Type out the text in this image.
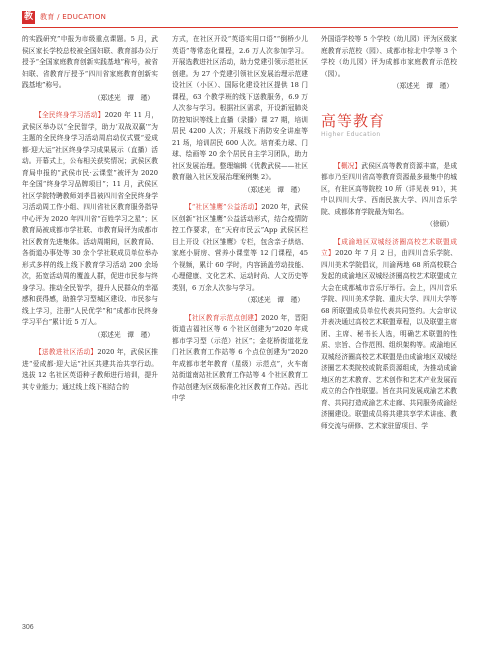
教 教育 / EDUCATION

的实践研究”申报为市级重点课题。5 月，武侯区家长学校总校被全国妇联、教育部办公厅授予“全国家庭教育创新实践基地”称号，被省妇联、省教育厅授予“四川省家庭教育创新实践基地”称号。

（郑述光　谭　瑾）

【全民终身学习活动】2020 年 11 月，武侯区举办以“全民智学，助力‘双战双赢’”为主题的全民终身学习活动周启动仪式暨“爱成都·迎大运”社区终身学习成果展示（直播）活动。开幕式上，公布相关获奖情况；武侯区教育局申报的“武侯市民·云课堂”被评为 2020 年全国“终身学习品牌项目”；11 月，武侯区社区学院特聘教师刘孝昌被四川省全民终身学习活动周工作小组、四川省社区教育服务指导中心评为 2020 年四川省“百姓学习之星”；区教育局被成都市学社联、市教育局评为成都市社区教育先进集体。活动周期间，区教育局、各街道办事处等 30 余个学社联成员单位举办形式多样的线上线下教育学习活动 200 余场次，拓宽活动周的覆盖人群，促进市民参与终身学习。推动全民智学，提升人民群众的幸福感和获得感，助推学习型城区建设、市民参与线上学习，注册“人民优学”和“成都市民终身学习平台”累计近 5 万人。

（郑述光　谭　瑾）

【送教进社区活动】2020 年，武侯区推进“爱成都·迎大运”社区共建共治共享行动。选拔 12 名社区英语种子教师进行培训，提升其专业能力；通过线上线下相结合的

方式，在社区开设“英语实用口语”“倒桥少儿英语”等常态化课程，2.6 万人次参加学习。开展选教进社区活动，助力党建引领示范社区创建。为 27 个党建引领社区发展治理示范建设社区（小区）、国际化建设社区提供 18 门课程，63 个教学班的线下送教服务，6.9 万人次参与学习。根据社区需求，开设新冠肺炎防控知识等线上直播（录播）课 27 期，培训居民 4200 人次；开展线下消防安全讲座等 21 场，培训居民 600 人次。培育柔力球、门球、绘画等 20 余个居民自主学习团队，助力社区发展治理。整理编辑《优教武侯——社区教育融入社区发展治理案例集 2》。

（郑述光　谭　瑾）

【“社区雏鹰”公益活动】2020 年，武侯区创新“社区雏鹰”公益活动形式，结合疫情防控工作要求，在“天府市民云”App 武侯区栏目上开设《社区雏鹰》专栏，包含亲子烘焙、家庭小厨房、营养小课堂等 12 门课程，45 个视频，累计 60 学时，内容涵盖劳动技能、心理健康、文化艺术、运动时尚、人文历史等类别，6 万余人次参与学习。

（郑述光　谭　瑾）

【社区教育示范点创建】2020 年，晋阳街道吉福社区等 6 个社区创建为“2020 年成都市学习型（示范）社区”；金花桥街道花龙门社区教育工作站等 6 个点位创建为“2020 年成都市老年教育（星级）示范点”，火车南站街道南站社区教育工作站等 4 个社区教育工作站创建为区级标准化社区教育工作站。西北中学

外国语学校等 5 个学校（幼儿园）评为区级家庭教育示范校（园）、成都市棕北中学等 3 个学校（幼儿园）评为成都市家庭教育示范校（园）。

（郑述光　谭　瑾）
高等教育
Higher Education

【概况】武侯区高等教育资源丰富，是成都市乃至四川省高等教育资源最多最集中的城区，有驻区高等院校 10 所（详见表 91），其中以四川大学、西南民族大学、四川音乐学院、成都体育学院最为知名。

（徐硕）

【成渝地区双城经济圈高校艺术联盟成立】2020 年 7 月 2 日，由四川音乐学院、四川美术学院倡议，川渝两地 68 所高校联合发起的成渝地区双城经济圈高校艺术联盟成立大会在成都城市音乐厅举行。会上，四川音乐学院、四川美术学院、重庆大学、四川大学等 68 所联盟成员单位代表共同签约。大会审议并表决通过高校艺术联盟章程，以及联盟主席团、主席、秘书长人选，明确艺术联盟的性质、宗旨、合作范围、组织架构等。成渝地区双城经济圈高校艺术联盟是由成渝地区双城经济圈艺术类院校或院系资源组成，为推动成渝地区的艺术教育、艺术创作和艺术产业发展而成立的合作性联盟。旨在共同发展成渝艺术教育、共同打造成渝艺术走廊、共同服务成渝经济圈建设。联盟成员将共建共享学术讲座、教师交流与研修、艺术家驻留项目、学

306
